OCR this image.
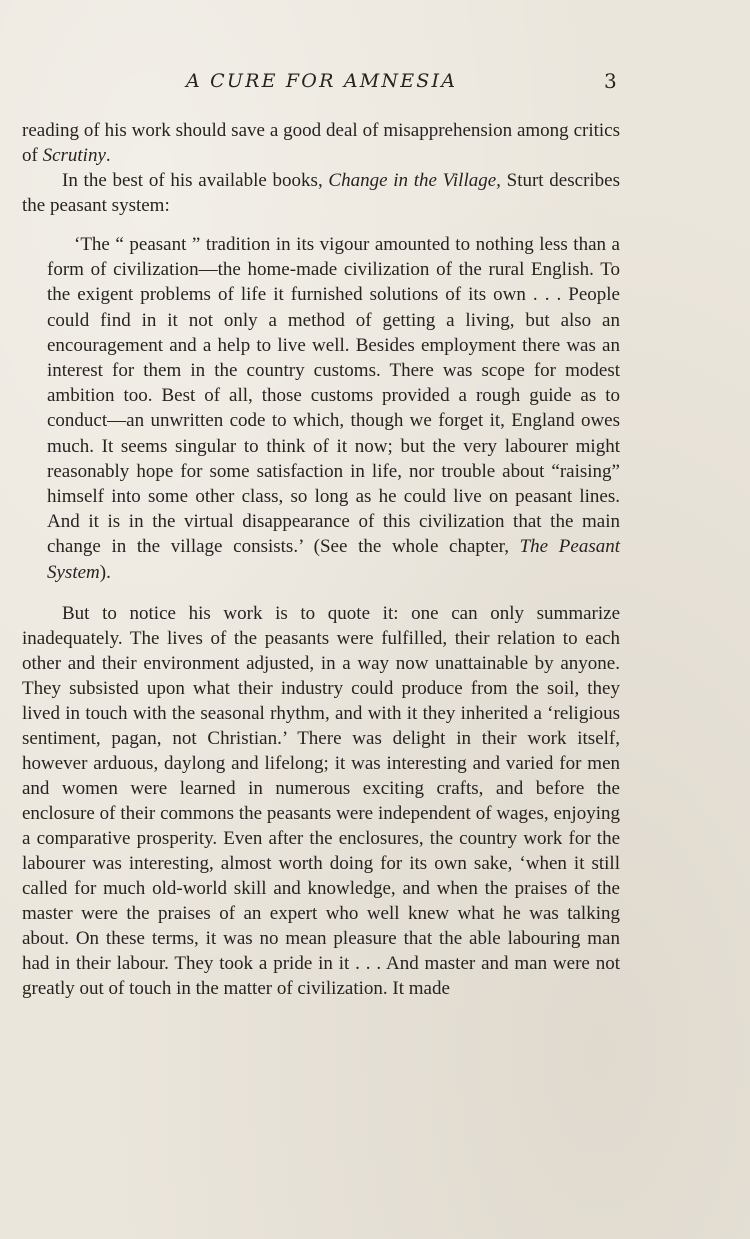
A CURE FOR AMNESIA	3

reading of his work should save a good deal of misapprehension among critics of Scrutiny.

In the best of his available books, Change in the Village, Sturt describes the peasant system:

‘The “ peasant ” tradition in its vigour amounted to nothing less than a form of civilization—the home-made civilization of the rural English. To the exigent problems of life it furnished solutions of its own . . . People could find in it not only a method of getting a living, but also an encouragement and a help to live well. Besides employment there was an interest for them in the country customs. There was scope for modest ambition too. Best of all, those customs provided a rough guide as to conduct—an unwritten code to which, though we forget it, England owes much. It seems singular to think of it now; but the very labourer might reasonably hope for some satisfaction in life, nor trouble about “raising” himself into some other class, so long as he could live on peasant lines. And it is in the virtual disappearance of this civilization that the main change in the village consists.’ (See the whole chapter, The Peasant System).

But to notice his work is to quote it: one can only summarize inadequately. The lives of the peasants were fulfilled, their relation to each other and their environment adjusted, in a way now unattainable by anyone. They subsisted upon what their industry could produce from the soil, they lived in touch with the seasonal rhythm, and with it they inherited a ‘religious sentiment, pagan, not Christian.’ There was delight in their work itself, however arduous, daylong and lifelong; it was interesting and varied for men and women were learned in numerous exciting crafts, and before the enclosure of their commons the peasants were independent of wages, enjoying a comparative prosperity. Even after the enclosures, the country work for the labourer was interesting, almost worth doing for its own sake, ‘when it still called for much old-world skill and knowledge, and when the praises of the master were the praises of an expert who well knew what he was talking about. On these terms, it was no mean pleasure that the able labouring man had in their labour. They took a pride in it . . . And master and man were not greatly out of touch in the matter of civilization. It made
